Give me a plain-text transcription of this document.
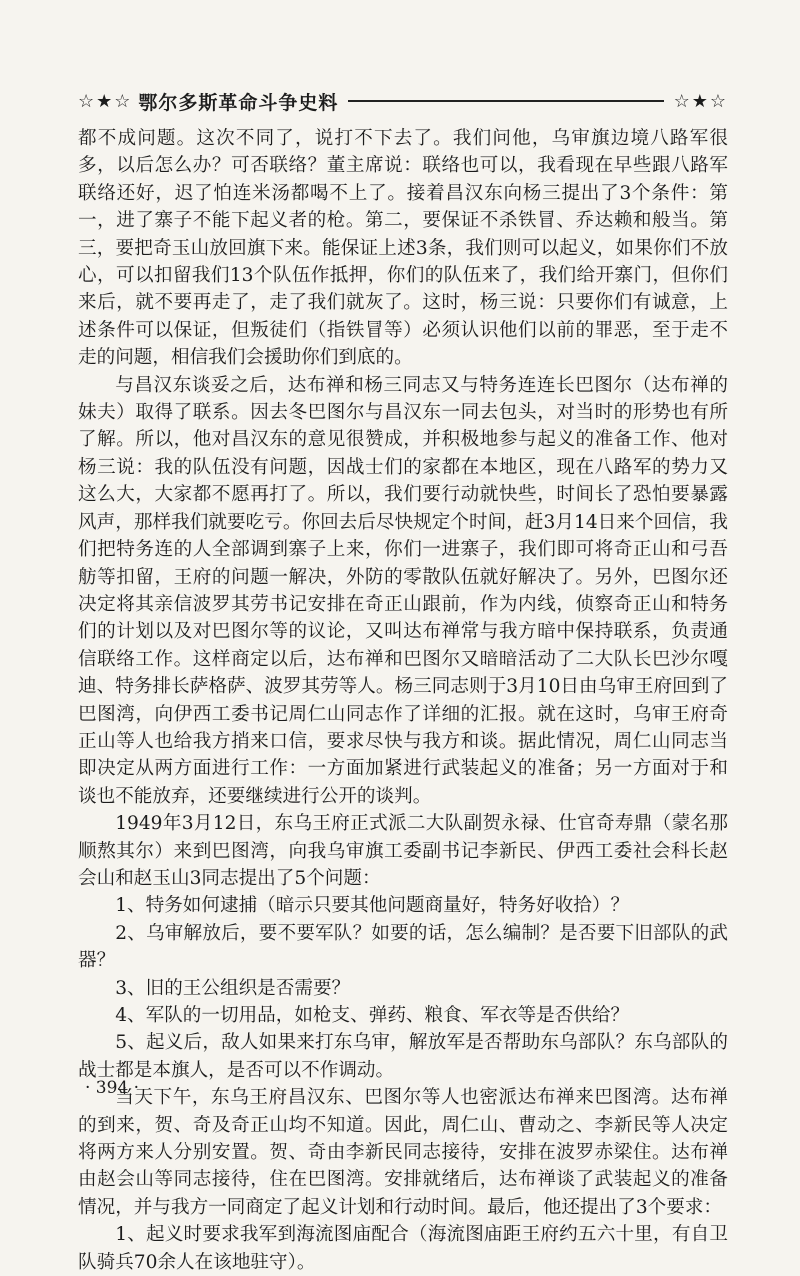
☆★☆ 鄂尔多斯革命斗争史料	☆★☆

都不成问题。这次不同了，说打不下去了。我们问他，乌审旗边境八路军很多，以后怎么办？可否联络？董主席说：联络也可以，我看现在早些跟八路军联络还好，迟了怕连米汤都喝不上了。接着昌汉东向杨三提出了3个条件：第一，进了寨子不能下起义者的枪。第二，要保证不杀铁冒、乔达赖和般当。第三，要把奇玉山放回旗下来。能保证上述3条，我们则可以起义，如果你们不放心，可以扣留我们13个队伍作抵押，你们的队伍来了，我们给开寨门，但你们来后，就不要再走了，走了我们就灰了。这时，杨三说：只要你们有诚意，上述条件可以保证，但叛徒们（指铁冒等）必须认识他们以前的罪恶，至于走不走的问题，相信我们会援助你们到底的。

与昌汉东谈妥之后，达布禅和杨三同志又与特务连连长巴图尔（达布禅的妹夫）取得了联系。因去冬巴图尔与昌汉东一同去包头，对当时的形势也有所了解。所以，他对昌汉东的意见很赞成，并积极地参与起义的准备工作、他对杨三说：我的队伍没有问题，因战士们的家都在本地区，现在八路军的势力又这么大，大家都不愿再打了。所以，我们要行动就快些，时间长了恐怕要暴露风声，那样我们就要吃亏。你回去后尽快规定个时间，赶3月14日来个回信，我们把特务连的人全部调到寨子上来，你们一进寨子，我们即可将奇正山和弓吾舫等扣留，王府的问题一解决，外防的零散队伍就好解决了。另外，巴图尔还决定将其亲信波罗其劳书记安排在奇正山跟前，作为内线，侦察奇正山和特务们的计划以及对巴图尔等的议论，又叫达布禅常与我方暗中保持联系，负责通信联络工作。这样商定以后，达布禅和巴图尔又暗暗活动了二大队长巴沙尔嘎迪、特务排长萨格萨、波罗其劳等人。杨三同志则于3月10日由乌审王府回到了巴图湾，向伊西工委书记周仁山同志作了详细的汇报。就在这时，乌审王府奇正山等人也给我方捎来口信，要求尽快与我方和谈。据此情况，周仁山同志当即决定从两方面进行工作：一方面加紧进行武装起义的准备；另一方面对于和谈也不能放弃，还要继续进行公开的谈判。

1949年3月12日，东乌王府正式派二大队副贺永禄、仕官奇寿鼎（蒙名那顺熬其尔）来到巴图湾，向我乌审旗工委副书记李新民、伊西工委社会科长赵会山和赵玉山3同志提出了5个问题：

1、特务如何逮捕（暗示只要其他问题商量好，特务好收拾）？

2、乌审解放后，要不要军队？如要的话，怎么编制？是否要下旧部队的武器？

3、旧的王公组织是否需要？

4、军队的一切用品，如枪支、弹药、粮食、军衣等是否供给？

5、起义后，敌人如果来打东乌审，解放军是否帮助东乌部队？东乌部队的战士都是本旗人，是否可以不作调动。

当天下午，东乌王府昌汉东、巴图尔等人也密派达布禅来巴图湾。达布禅的到来，贺、奇及奇正山均不知道。因此，周仁山、曹动之、李新民等人决定将两方来人分别安置。贺、奇由李新民同志接待，安排在波罗赤梁住。达布禅由赵会山等同志接待，住在巴图湾。安排就绪后，达布禅谈了武装起义的准备情况，并与我方一同商定了起义计划和行动时间。最后，他还提出了3个要求：

1、起义时要求我军到海流图庙配合（海流图庙距王府约五六十里，有自卫队骑兵70余人在该地驻守）。

· 394 ·
